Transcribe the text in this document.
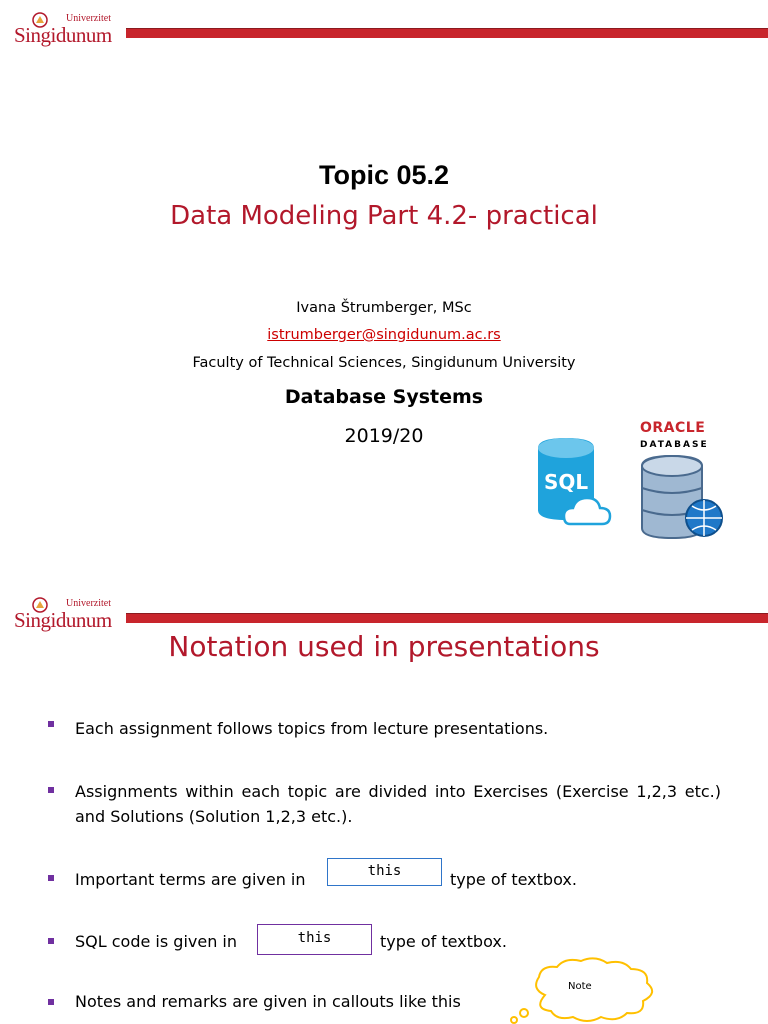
Univerzitet
Singidunum
Topic 05.2
Data Modeling Part 4.2- practical
Ivana Štrumberger, MSc
istrumberger@singidunum.ac.rs
Faculty of Technical Sciences, Singidunum University
Database Systems
2019/20
SQL
ORACLE
DATABASE
Univerzitet
Singidunum
Notation used in presentations
Each assignment follows topics from lecture presentations.
Assignments within each topic are divided into Exercises (Exercise 1,2,3 etc.) and Solutions (Solution 1,2,3 etc.).
Important terms are given in	this	type of textbox.
SQL code is given in	this	type of textbox.
Notes and remarks are given in callouts like this
Note
